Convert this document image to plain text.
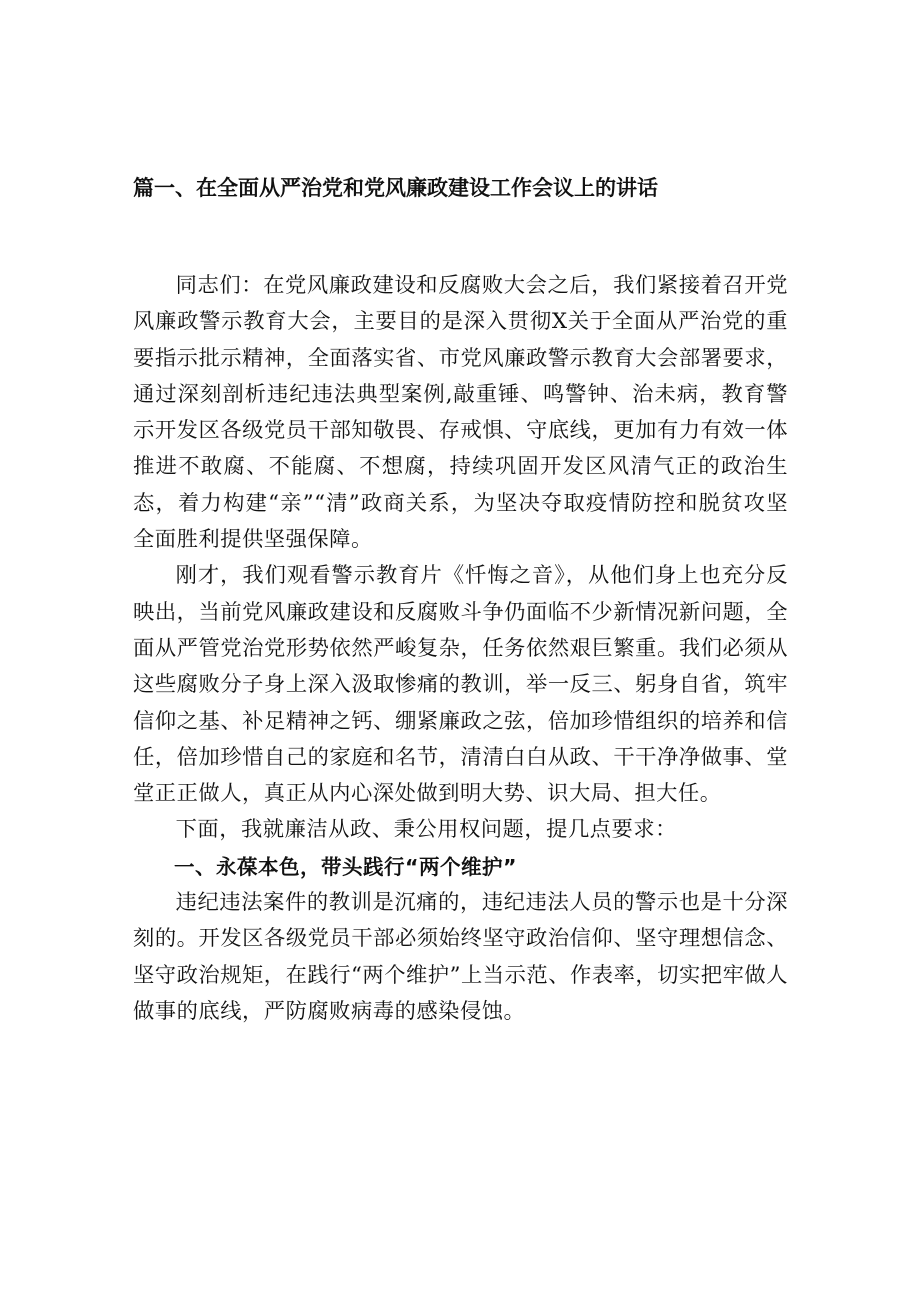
篇一、在全面从严治党和党风廉政建设工作会议上的讲话

同志们：在党风廉政建设和反腐败大会之后，我们紧接着召开党风廉政警示教育大会，主要目的是深入贯彻X关于全面从严治党的重要指示批示精神，全面落实省、市党风廉政警示教育大会部署要求，通过深刻剖析违纪违法典型案例,敲重锤、鸣警钟、治未病，教育警示开发区各级党员干部知敬畏、存戒惧、守底线，更加有力有效一体推进不敢腐、不能腐、不想腐，持续巩固开发区风清气正的政治生态，着力构建“亲”“清”政商关系，为坚决夺取疫情防控和脱贫攻坚全面胜利提供坚强保障。

刚才，我们观看警示教育片《忏悔之音》，从他们身上也充分反映出，当前党风廉政建设和反腐败斗争仍面临不少新情况新问题，全面从严管党治党形势依然严峻复杂，任务依然艰巨繁重。我们必须从这些腐败分子身上深入汲取惨痛的教训，举一反三、躬身自省，筑牢信仰之基、补足精神之钙、绷紧廉政之弦，倍加珍惜组织的培养和信任，倍加珍惜自己的家庭和名节，清清白白从政、干干净净做事、堂堂正正做人，真正从内心深处做到明大势、识大局、担大任。

下面，我就廉洁从政、秉公用权问题，提几点要求：

一、永葆本色，带头践行“两个维护”

违纪违法案件的教训是沉痛的，违纪违法人员的警示也是十分深刻的。开发区各级党员干部必须始终坚守政治信仰、坚守理想信念、坚守政治规矩，在践行“两个维护”上当示范、作表率，切实把牢做人做事的底线，严防腐败病毒的感染侵蚀。
